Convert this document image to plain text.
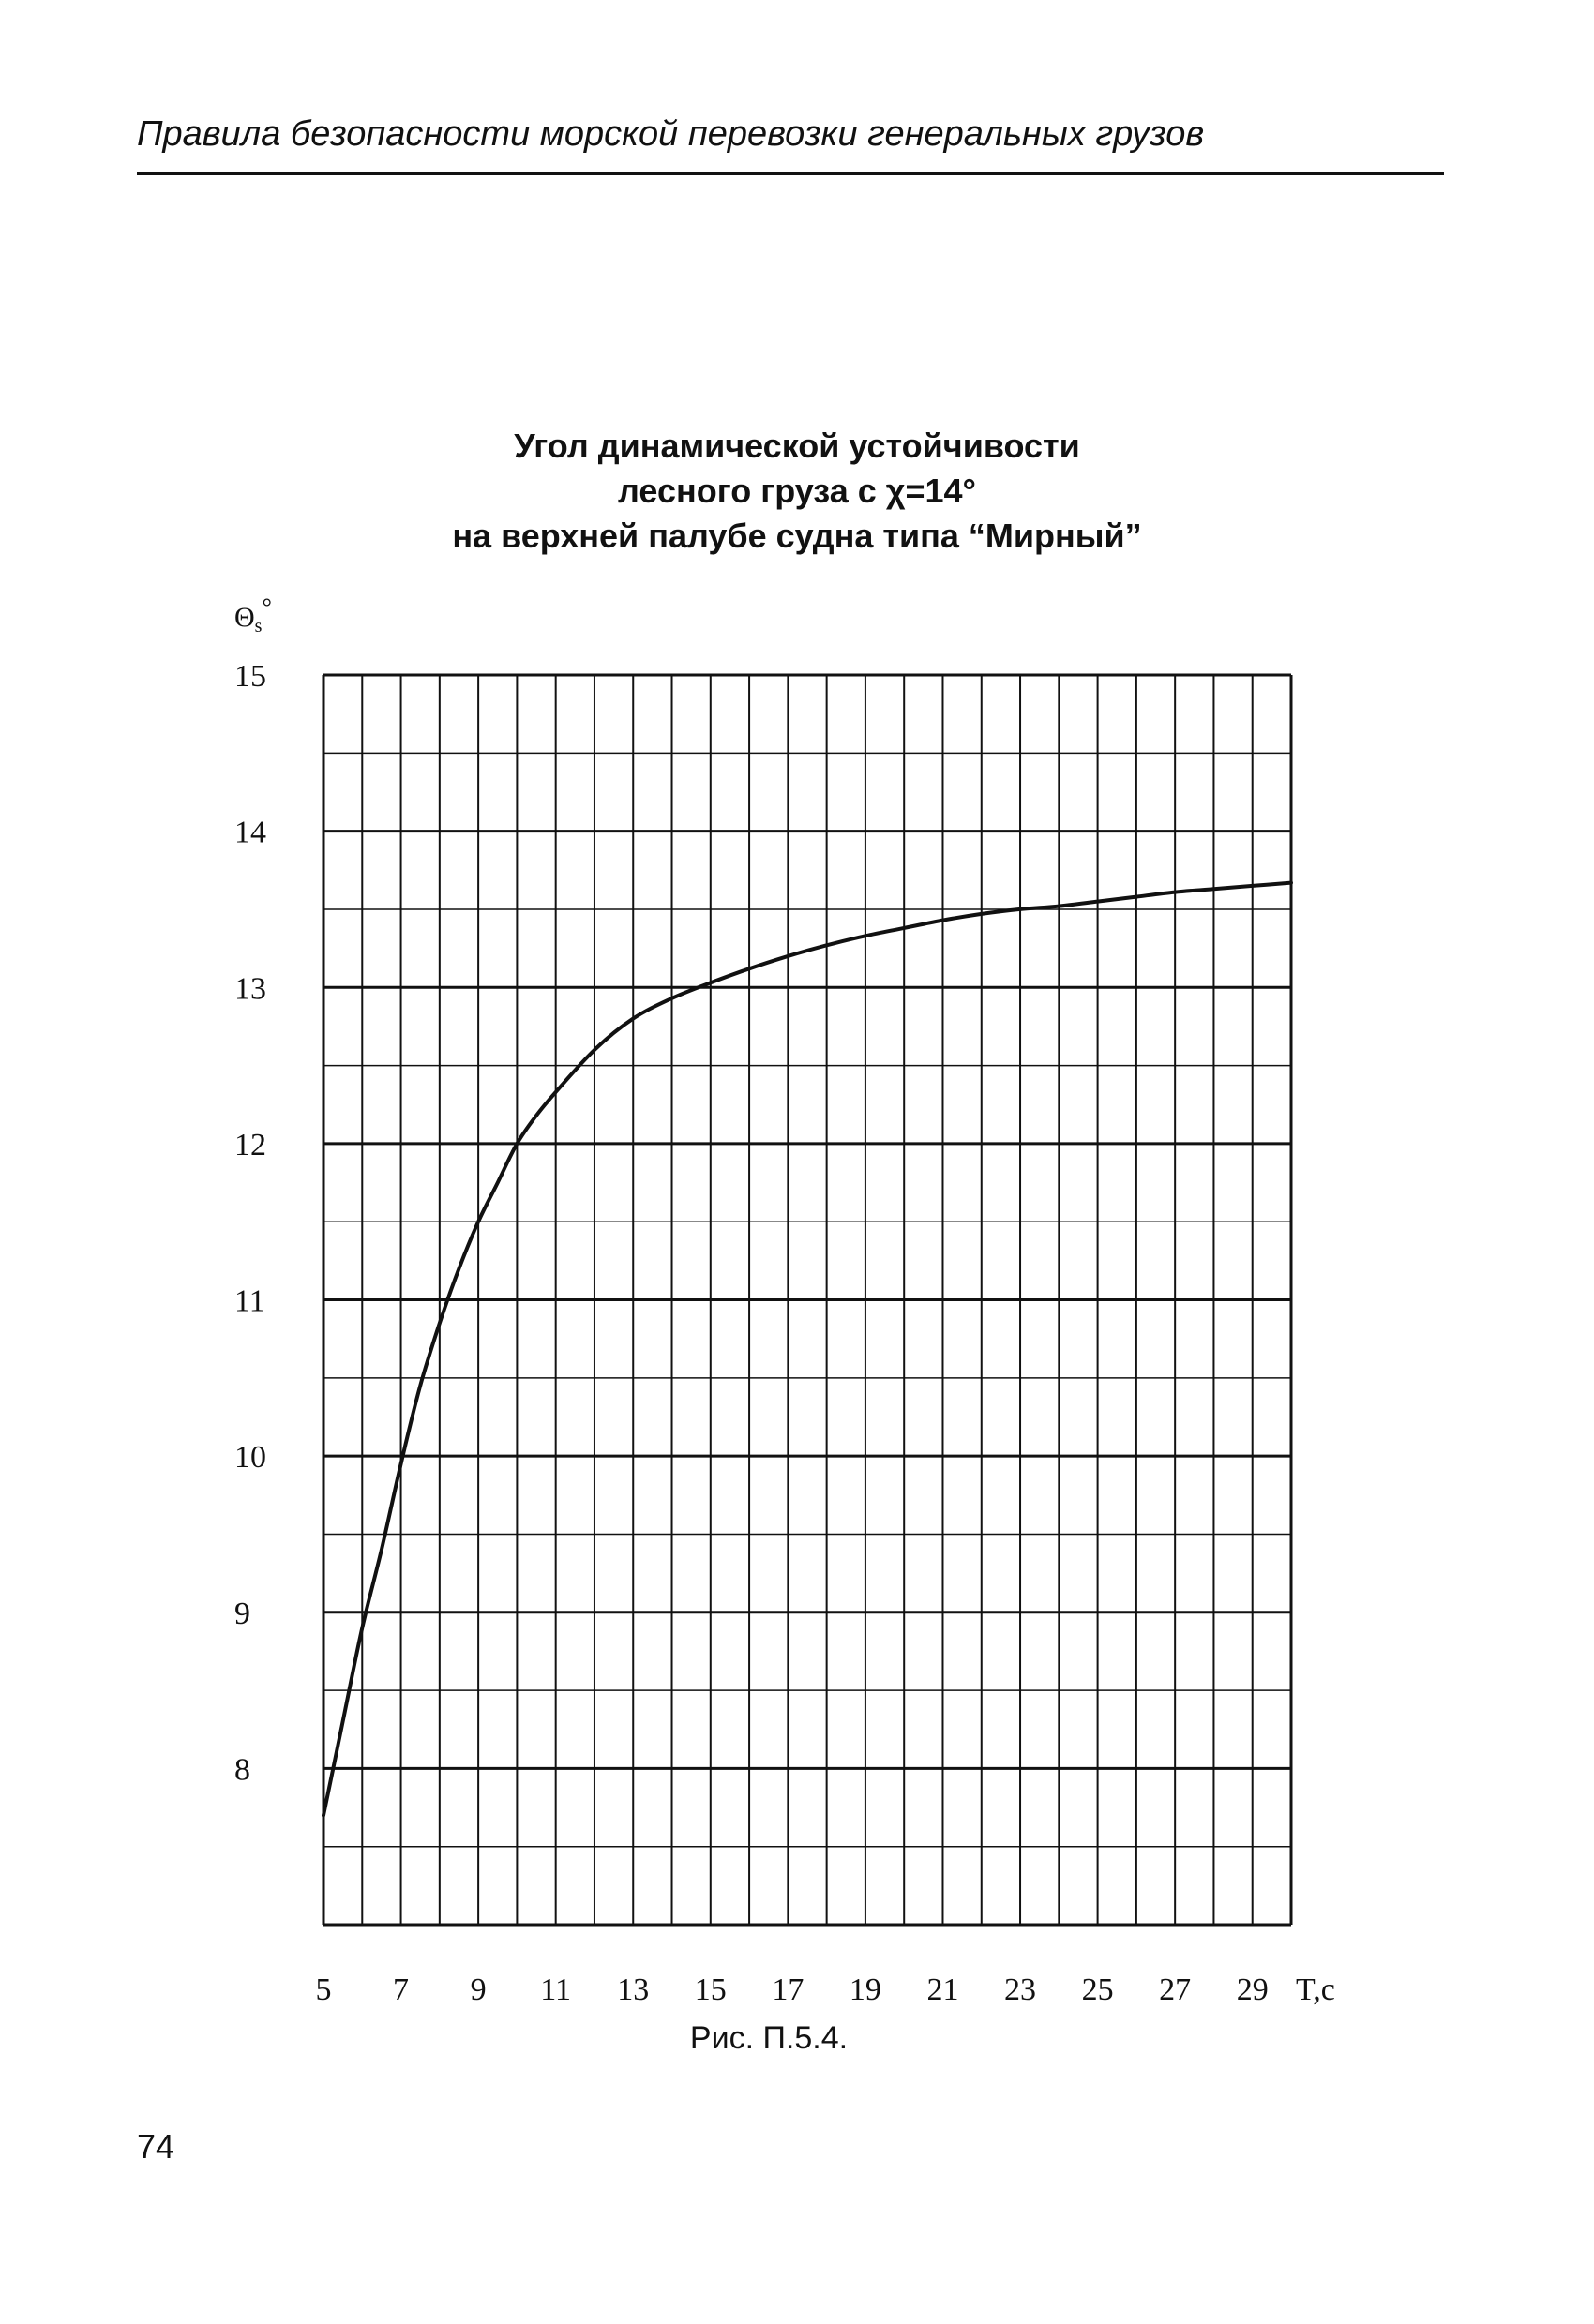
Правила безопасности морской перевозки генеральных грузов
Угол динамической устойчивости
лесного груза с χ=14°
на верхней палубе судна типа “Мирный”
5 7 9 11 13 15 17 19 21 23 25 27 29
8
9
10
11
12
13
14
15
$\Theta_s^\circ$
T,c
Рис. П.5.4.
74
